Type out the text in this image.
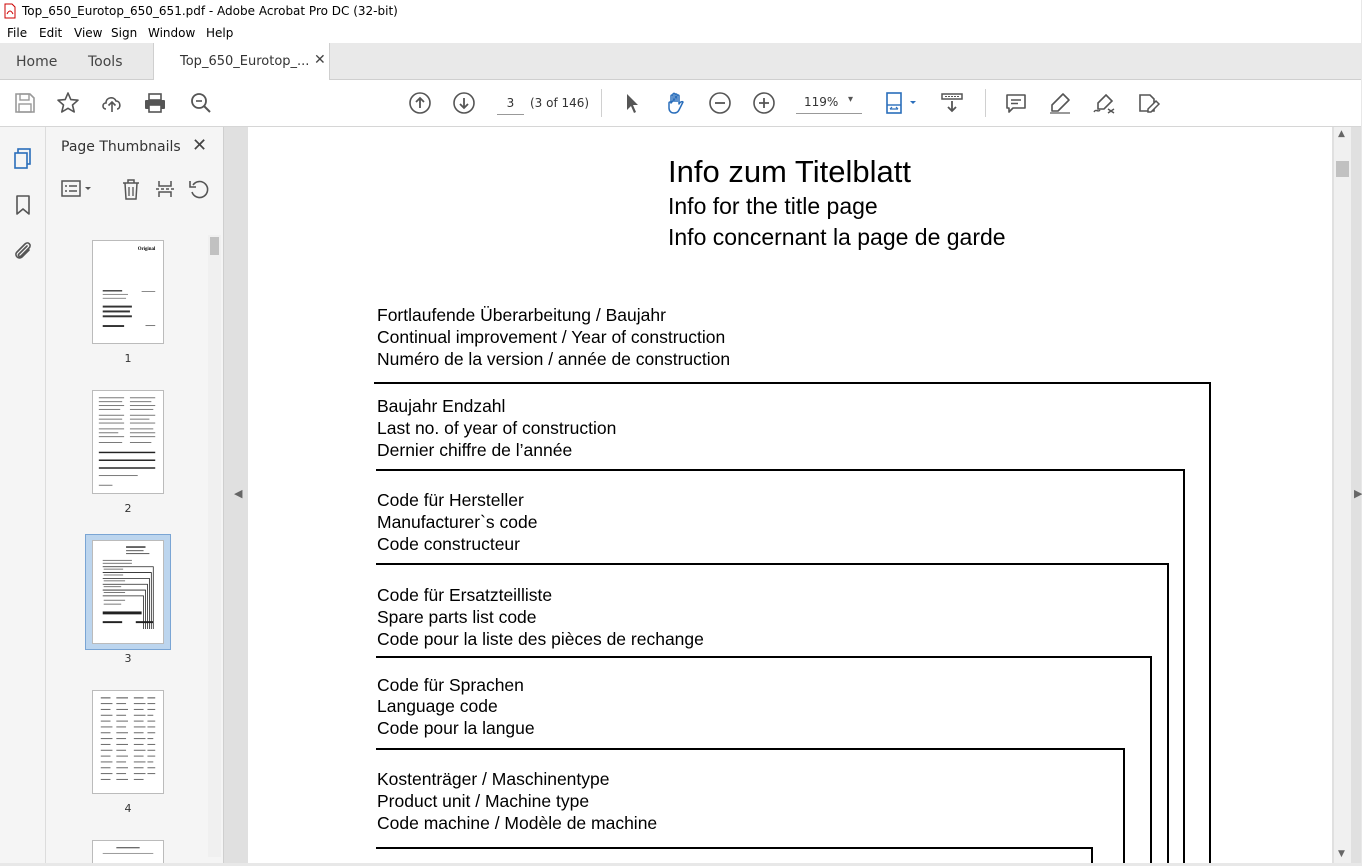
Top_650_Eurotop_650_651.pdf - Adobe Acrobat Pro DC (32-bit)
File Edit View Sign Window Help
Home Tools	Top_650_Eurotop_... ✕
3
(3 of 146)	119% ▾
Page Thumbnails ✕
Original
1
2
3
4
◀	▶
Info zum Titelblatt
Info for the title page
Info concernant la page de garde
Fortlaufende Überarbeitung / Baujahr
Continual improvement / Year of construction
Numéro de la version / année de construction
Baujahr Endzahl
Last no. of year of construction
Dernier chiffre de l’année
Code für Hersteller
Manufacturer`s code
Code constructeur
Code für Ersatzteilliste
Spare parts list code
Code pour la liste des pièces de rechange
Code für Sprachen
Language code
Code pour la langue
Kostenträger / Maschinentype
Product unit / Machine type
Code machine / Modèle de machine
▲
▼
